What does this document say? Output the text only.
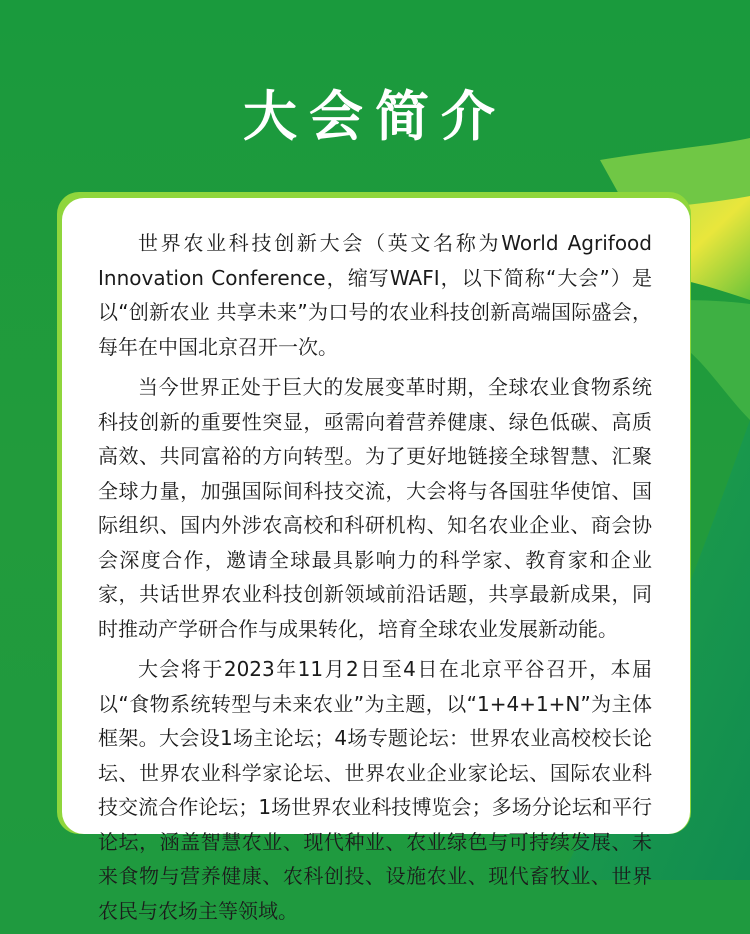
大会简介

世界农业科技创新大会（英文名称为World Agrifood Innovation Conference，缩写WAFI，以下简称“大会”）是以“创新农业 共享未来”为口号的农业科技创新高端国际盛会，每年在中国北京召开一次。

当今世界正处于巨大的发展变革时期，全球农业食物系统科技创新的重要性突显，亟需向着营养健康、绿色低碳、高质高效、共同富裕的方向转型。为了更好地链接全球智慧、汇聚全球力量，加强国际间科技交流，大会将与各国驻华使馆、国际组织、国内外涉农高校和科研机构、知名农业企业、商会协会深度合作，邀请全球最具影响力的科学家、教育家和企业家，共话世界农业科技创新领域前沿话题，共享最新成果，同时推动产学研合作与成果转化，培育全球农业发展新动能。

大会将于2023年11月2日至4日在北京平谷召开，本届以“食物系统转型与未来农业”为主题，以“1+4+1+N”为主体框架。大会设1场主论坛；4场专题论坛：世界农业高校校长论坛、世界农业科学家论坛、世界农业企业家论坛、国际农业科技交流合作论坛；1场世界农业科技博览会；多场分论坛和平行论坛，涵盖智慧农业、现代种业、农业绿色与可持续发展、未来食物与营养健康、农科创投、设施农业、现代畜牧业、世界农民与农场主等领域。
